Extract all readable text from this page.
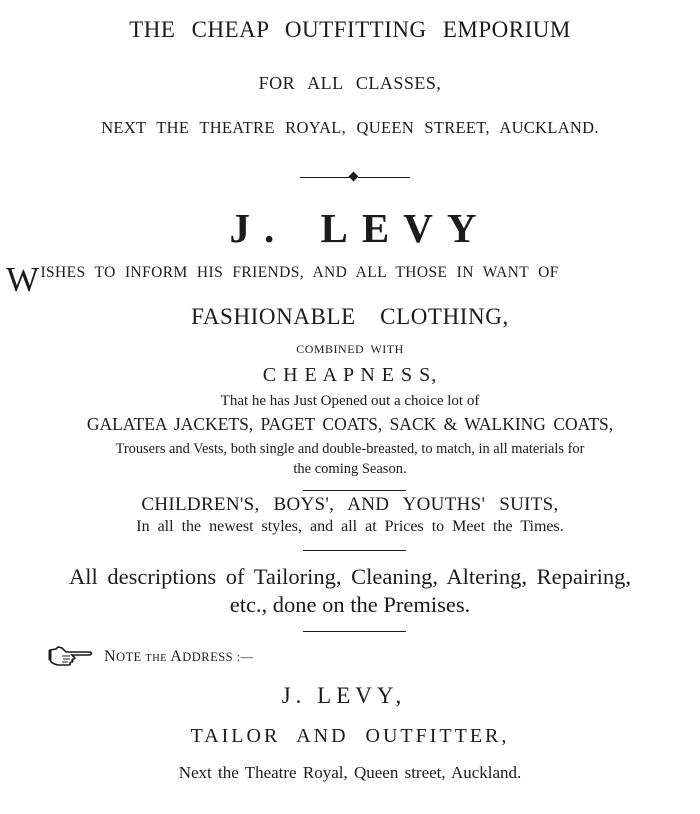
THE CHEAP OUTFITTING EMPORIUM
FOR ALL CLASSES,
NEXT THE THEATRE ROYAL, QUEEN STREET, AUCKLAND.
J. LEVY
WISHES TO INFORM HIS FRIENDS, AND ALL THOSE IN WANT OF
FASHIONABLE CLOTHING,
COMBINED WITH
C H E A P N E S S,
That he has Just Opened out a choice lot of
GALATEA JACKETS, PAGET COATS, SACK & WALKING COATS,
Trousers and Vests, both single and double-breasted, to match, in all materials for
the coming Season.
CHILDREN'S, BOYS', AND YOUTHS' SUITS,
In all the newest styles, and all at Prices to Meet the Times.
All descriptions of Tailoring, Cleaning, Altering, Repairing,
etc., done on the Premises.
NOTE THE ADDRESS :—
J. LEVY,
TAILOR AND OUTFITTER,
Next the Theatre Royal, Queen street, Auckland.
